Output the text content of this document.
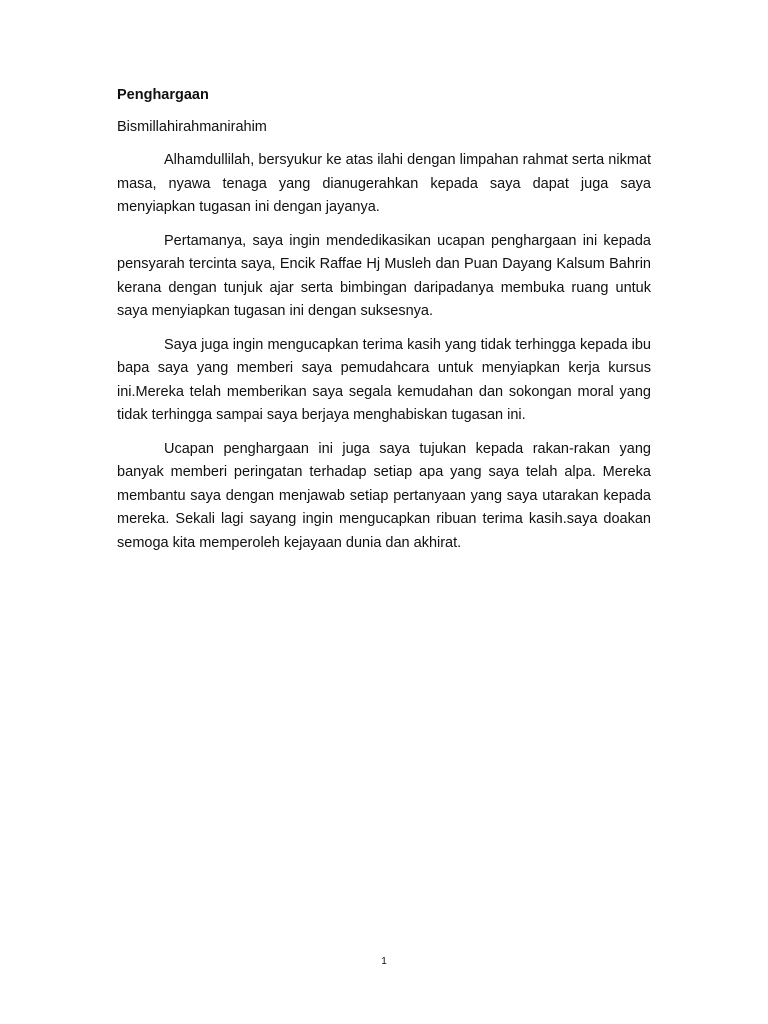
Penghargaan

Bismillahirahmanirahim

Alhamdullilah, bersyukur ke atas ilahi dengan limpahan rahmat serta nikmat masa, nyawa tenaga yang dianugerahkan kepada saya dapat juga saya menyiapkan tugasan ini dengan jayanya.

Pertamanya, saya ingin mendedikasikan ucapan penghargaan ini kepada pensyarah tercinta saya, Encik Raffae Hj Musleh dan Puan Dayang Kalsum Bahrin kerana dengan tunjuk ajar serta bimbingan daripadanya membuka ruang untuk saya menyiapkan tugasan ini dengan suksesnya.

Saya juga ingin mengucapkan terima kasih yang tidak terhingga kepada ibu bapa saya yang memberi saya pemudahcara untuk menyiapkan kerja kursus ini.Mereka telah memberikan saya segala kemudahan dan sokongan moral yang tidak terhingga sampai saya berjaya menghabiskan tugasan ini.

Ucapan penghargaan ini juga saya tujukan kepada rakan-rakan yang banyak memberi peringatan terhadap setiap apa yang saya telah alpa. Mereka membantu saya dengan menjawab setiap pertanyaan yang saya utarakan kepada mereka. Sekali lagi sayang ingin mengucapkan ribuan terima kasih.saya doakan semoga kita memperoleh kejayaan dunia dan akhirat.

1
